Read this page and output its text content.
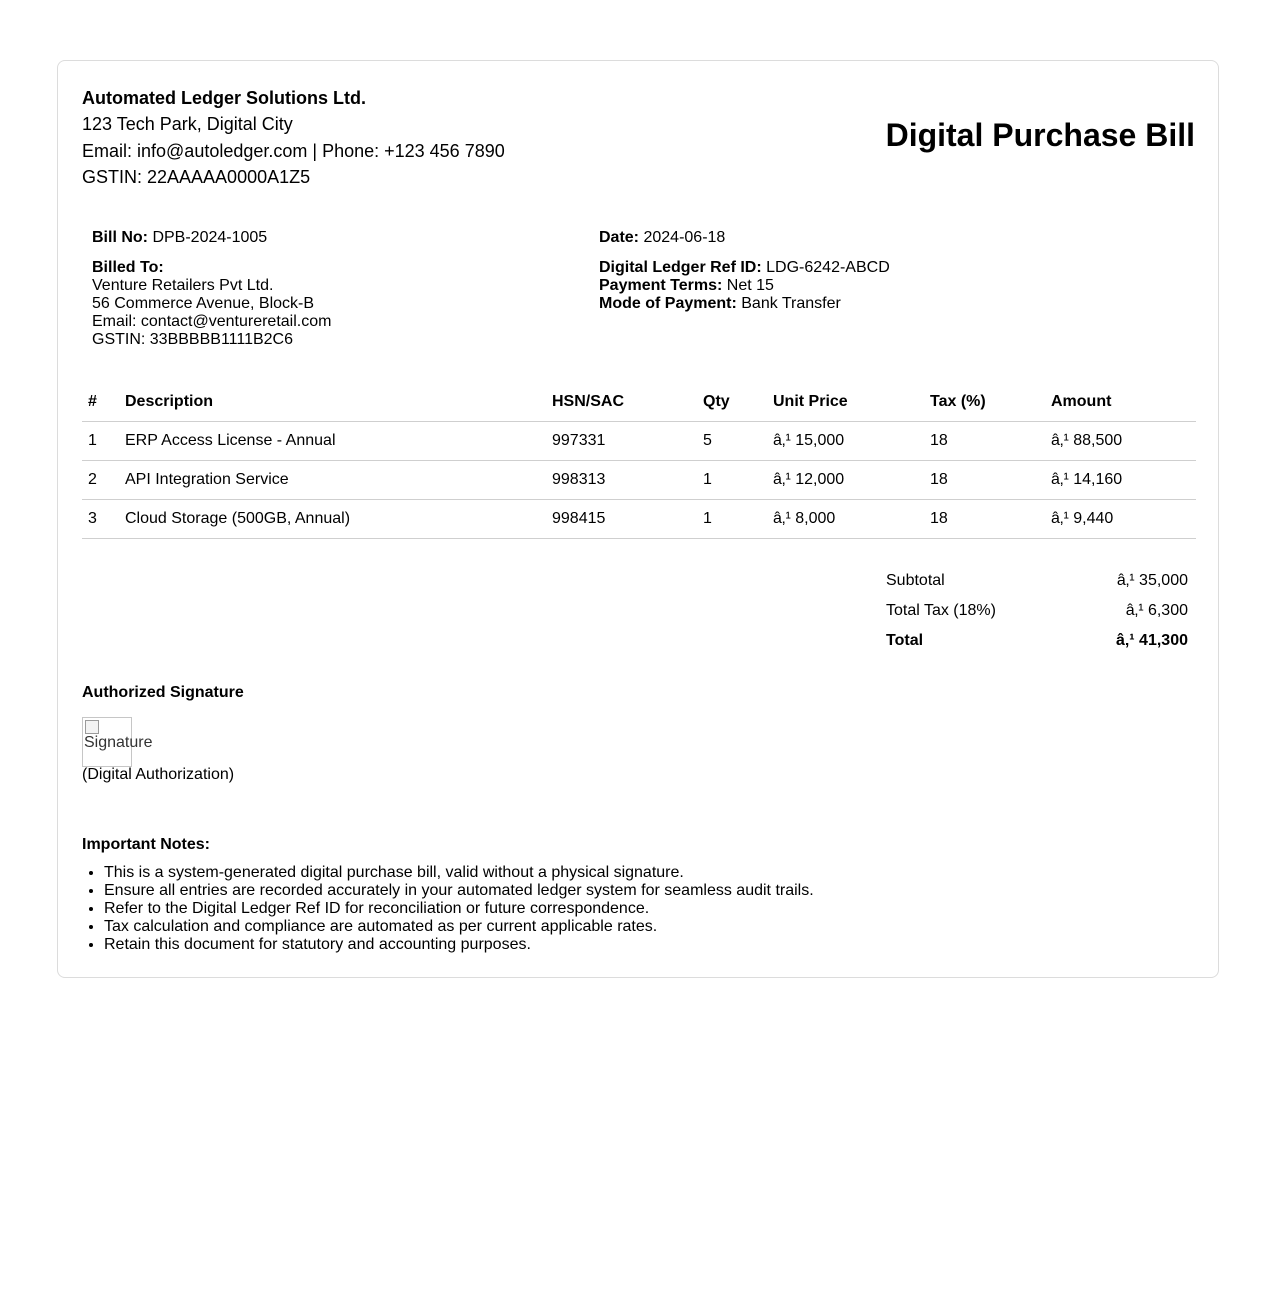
Automated Ledger Solutions Ltd.
123 Tech Park, Digital City
Email: info@autoledger.com | Phone: +123 456 7890
GSTIN: 22AAAAA0000A1Z5
Digital Purchase Bill
Bill No: DPB-2024-1005	Date: 2024-06-18
Billed To:
Venture Retailers Pvt Ltd.
56 Commerce Avenue, Block-B
Email: contact@ventureretail.com
GSTIN: 33BBBBB1111B2C6
Digital Ledger Ref ID: LDG-6242-ABCD
Payment Terms: Net 15
Mode of Payment: Bank Transfer
#	Description	HSN/SAC	Qty	Unit Price	Tax (%)	Amount
1	ERP Access License - Annual	997331	5	â‚¹ 15,000	18	â‚¹ 88,500
2	API Integration Service	998313	1	â‚¹ 12,000	18	â‚¹ 14,160
3	Cloud Storage (500GB, Annual)	998415	1	â‚¹ 8,000	18	â‚¹ 9,440
Subtotal	â‚¹ 35,000
Total Tax (18%)	â‚¹ 6,300
Total	â‚¹ 41,300
Authorized Signature
Signature
(Digital Authorization)
Important Notes:
• This is a system-generated digital purchase bill, valid without a physical signature.
• Ensure all entries are recorded accurately in your automated ledger system for seamless audit trails.
• Refer to the Digital Ledger Ref ID for reconciliation or future correspondence.
• Tax calculation and compliance are automated as per current applicable rates.
• Retain this document for statutory and accounting purposes.
